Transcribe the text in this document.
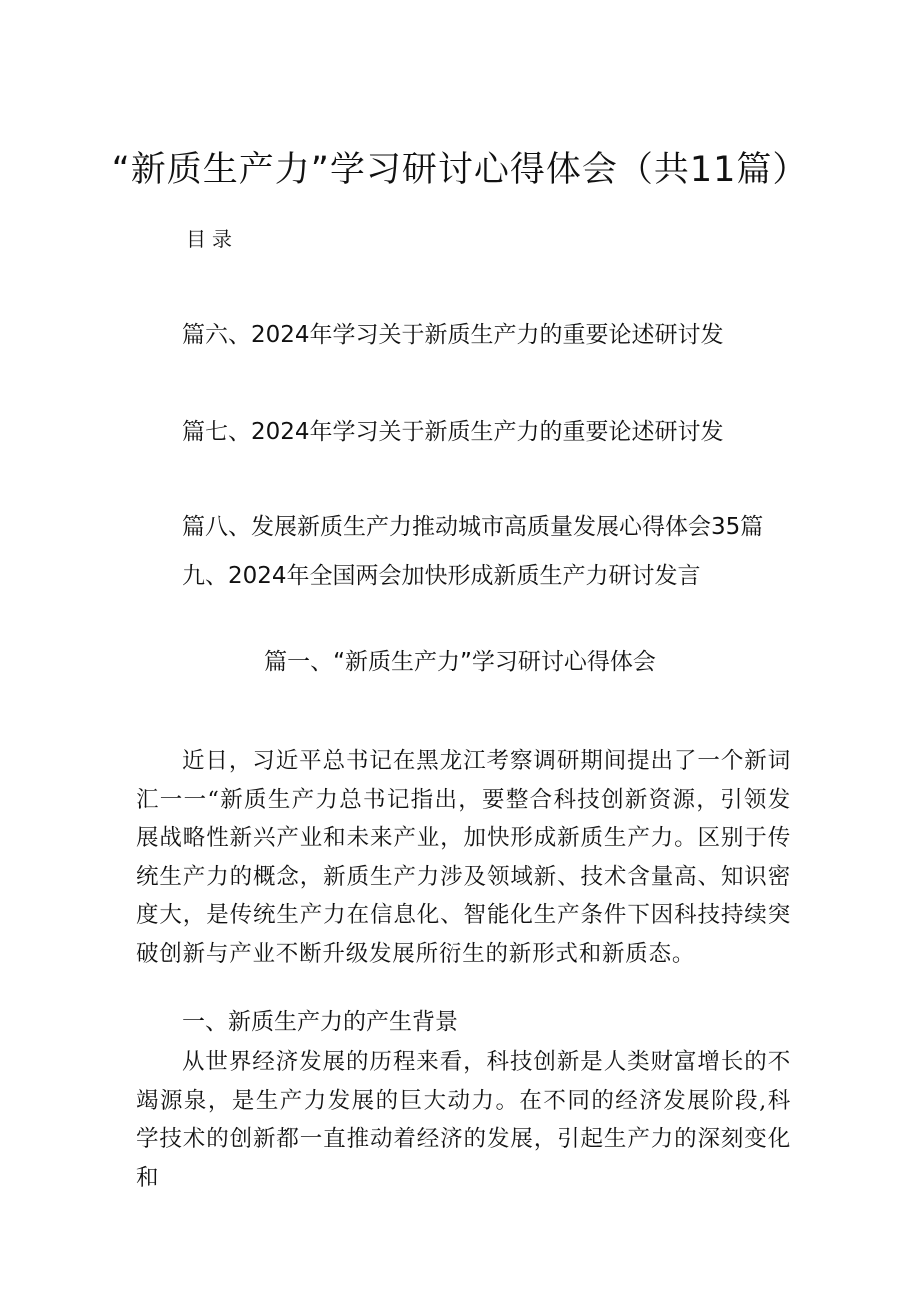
“新质生产力”学习研讨心得体会（共11篇）
目录
篇六、2024年学习关于新质生产力的重要论述研讨发
篇七、2024年学习关于新质生产力的重要论述研讨发
篇八、发展新质生产力推动城市高质量发展心得体会35篇
九、2024年全国两会加快形成新质生产力研讨发言
篇一、“新质生产力”学习研讨心得体会

近日，习近平总书记在黑龙江考察调研期间提出了一个新词汇一一“新质生产力总书记指出，要整合科技创新资源，引领发展战略性新兴产业和未来产业，加快形成新质生产力。区别于传统生产力的概念，新质生产力涉及领域新、技术含量高、知识密度大，是传统生产力在信息化、智能化生产条件下因科技持续突破创新与产业不断升级发展所衍生的新形式和新质态。

一、新质生产力的产生背景

从世界经济发展的历程来看，科技创新是人类财富增长的不竭源泉，是生产力发展的巨大动力。在不同的经济发展阶段,科学技术的创新都一直推动着经济的发展，引起生产力的深刻变化和
